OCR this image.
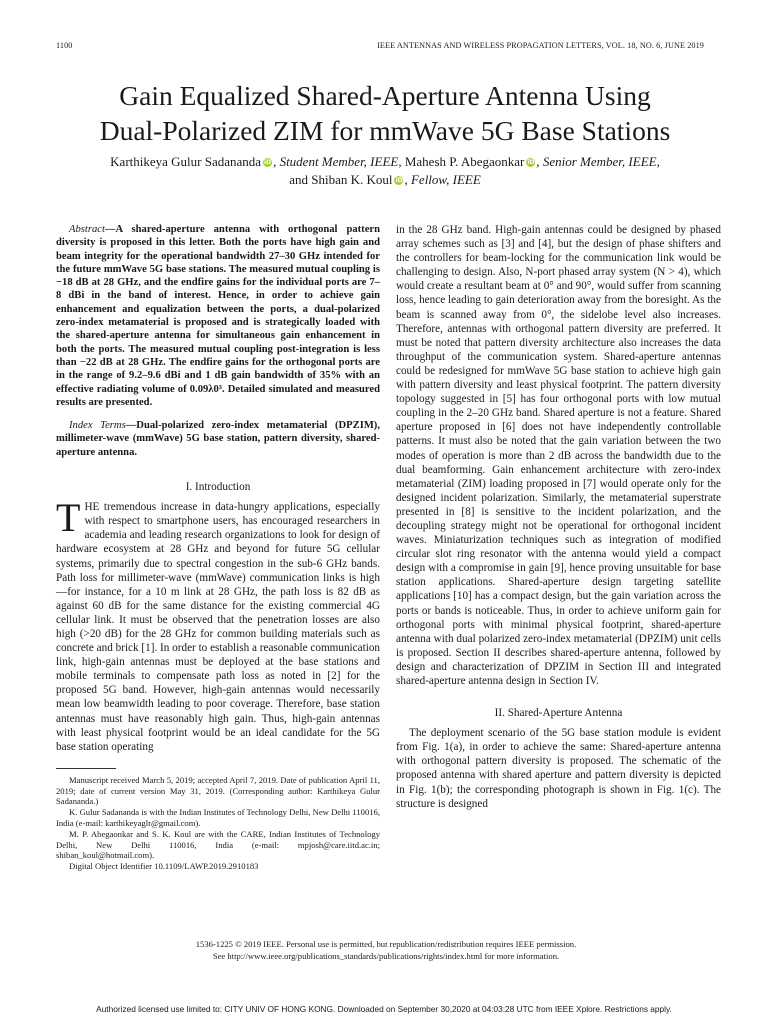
1100	IEEE ANTENNAS AND WIRELESS PROPAGATION LETTERS, VOL. 18, NO. 6, JUNE 2019
Gain Equalized Shared-Aperture Antenna Using
Dual-Polarized ZIM for mmWave 5G Base Stations
Karthikeya Gulur Sadananda iD , Student Member, IEEE, Mahesh P. Abegaonkar iD , Senior Member, IEEE,
and Shiban K. Koul iD , Fellow, IEEE

Abstract—A shared-aperture antenna with orthogonal pattern diversity is proposed in this letter. Both the ports have high gain and beam integrity for the operational bandwidth 27–30 GHz intended for the future mmWave 5G base stations. The measured mutual coupling is −18 dB at 28 GHz, and the endfire gains for the individual ports are 7–8 dBi in the band of interest. Hence, in order to achieve gain enhancement and equalization between the ports, a dual-polarized zero-index metamaterial is proposed and is strategically loaded with the shared-aperture antenna for simultaneous gain enhancement in both the ports. The measured mutual coupling post-integration is less than −22 dB at 28 GHz. The endfire gains for the orthogonal ports are in the range of 9.2–9.6 dBi and 1 dB gain bandwidth of 35% with an effective radiating volume of 0.09λ0³. Detailed simulated and measured results are presented.

Index Terms—Dual-polarized zero-index metamaterial (DPZIM), millimeter-wave (mmWave) 5G base station, pattern diversity, shared-aperture antenna.

I. Introduction

THE tremendous increase in data-hungry applications, especially with respect to smartphone users, has encouraged researchers in academia and leading research organizations to look for design of hardware ecosystem at 28 GHz and beyond for future 5G cellular systems, primarily due to spectral congestion in the sub-6 GHz bands. Path loss for millimeter-wave (mmWave) communication links is high—for instance, for a 10 m link at 28 GHz, the path loss is 82 dB as against 60 dB for the same distance for the existing commercial 4G cellular link. It must be observed that the penetration losses are also high (>20 dB) for the 28 GHz for common building materials such as concrete and brick [1]. In order to establish a reasonable communication link, high-gain antennas must be deployed at the base stations and mobile terminals to compensate path loss as noted in [2] for the proposed 5G band. However, high-gain antennas would necessarily mean low beamwidth leading to poor coverage. Therefore, base station antennas must have reasonably high gain. Thus, high-gain antennas with least physical footprint would be an ideal candidate for the 5G base station operating

Manuscript received March 5, 2019; accepted April 7, 2019. Date of publication April 11, 2019; date of current version May 31, 2019. (Corresponding author: Karthikeya Gulur Sadananda.)

K. Gulur Sadananda is with the Indian Institutes of Technology Delhi, New Delhi 110016, India (e-mail: karthikeyaglr@gmail.com).

M. P. Abegaonkar and S. K. Koul are with the CARE, Indian Institutes of Technology Delhi, New Delhi 110016, India (e-mail: mpjosh@care.iitd.ac.in; shiban_koul@hotmail.com).

Digital Object Identifier 10.1109/LAWP.2019.2910183

in the 28 GHz band. High-gain antennas could be designed by phased array schemes such as [3] and [4], but the design of phase shifters and the controllers for beam-locking for the communication link would be challenging to design. Also, N-port phased array system (N > 4), which would create a resultant beam at 0° and 90°, would suffer from scanning loss, hence leading to gain deterioration away from the boresight. As the beam is scanned away from 0°, the sidelobe level also increases. Therefore, antennas with orthogonal pattern diversity are preferred. It must be noted that pattern diversity architecture also increases the data throughput of the communication system. Shared-aperture antennas could be redesigned for mmWave 5G base station to achieve high gain with pattern diversity and least physical footprint. The pattern diversity topology suggested in [5] has four orthogonal ports with low mutual coupling in the 2–20 GHz band. Shared aperture is not a feature. Shared aperture proposed in [6] does not have independently controllable patterns. It must also be noted that the gain variation between the two modes of operation is more than 2 dB across the bandwidth due to the dual beamforming. Gain enhancement architecture with zero-index metamaterial (ZIM) loading proposed in [7] would operate only for the designed incident polarization. Similarly, the metamaterial superstrate presented in [8] is sensitive to the incident polarization, and the decoupling strategy might not be operational for orthogonal incident waves. Miniaturization techniques such as integration of modified circular slot ring resonator with the antenna would yield a compact design with a compromise in gain [9], hence proving unsuitable for base station applications. Shared-aperture design targeting satellite applications [10] has a compact design, but the gain variation across the ports or bands is noticeable. Thus, in order to achieve uniform gain for orthogonal ports with minimal physical footprint, shared-aperture antenna with dual polarized zero-index metamaterial (DPZIM) unit cells is proposed. Section II describes shared-aperture antenna, followed by design and characterization of DPZIM in Section III and integrated shared-aperture antenna design in Section IV.

II. Shared-Aperture Antenna

The deployment scenario of the 5G base station module is evident from Fig. 1(a), in order to achieve the same: Shared-aperture antenna with orthogonal pattern diversity is proposed. The schematic of the proposed antenna with shared aperture and pattern diversity is depicted in Fig. 1(b); the corresponding photograph is shown in Fig. 1(c). The structure is designed

1536-1225 © 2019 IEEE. Personal use is permitted, but republication/redistribution requires IEEE permission.
See http://www.ieee.org/publications_standards/publications/rights/index.html for more information.
Authorized licensed use limited to: CITY UNIV OF HONG KONG. Downloaded on September 30,2020 at 04:03:28 UTC from IEEE Xplore. Restrictions apply.
